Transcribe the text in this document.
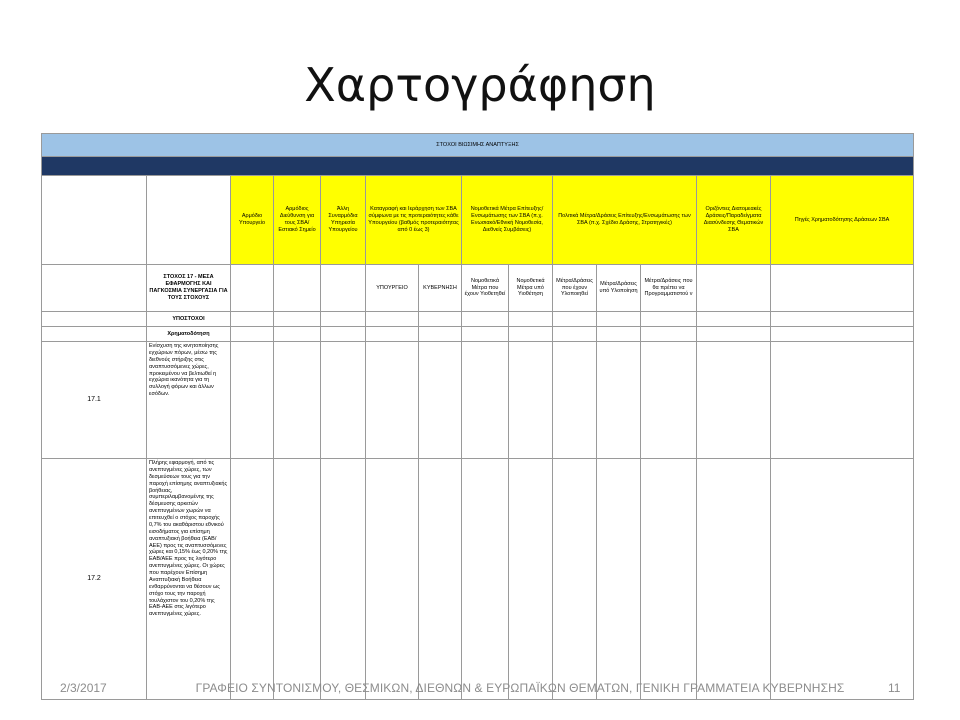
Χαρτογράφηση
ΣΤΟΧΟΙ ΒΙΩΣΙΜΗΣ ΑΝΑΠΤΥΞΗΣ													

		Αρμόδιο Υπουργείο	Αρμόδιος Διεύθυνση για τους ΣΒΑ/Εστιακό Σημείο	Άλλη Συναρμόδια Υπηρεσία Υπουργείου	Καταγραφή και Ιεράρχηση των ΣΒΑ σύμφωνα με τις προτεραιότητες κάθε Υπουργείου (βαθμός προτεραιότητας από 0 έως 3)		Νομοθετικά Μέτρα Επίτευξης/Ενσωμάτωσης των ΣΒΑ (π.χ. Ενωσιακό/Εθνική Νομοθεσία, Διεθνείς Συμβάσεις)		Πολιτικά Μέτρα/Δράσεις Επίτευξης/Ενσωμάτωσης των ΣΒΑ (π.χ. Σχέδιο Δράσης, Στρατηγικές)			Οριζόντιες Διατομεακές Δράσεις/Παραδείγματα Διασύνδεσης Θεματικών ΣΒΑ	Πηγές Χρηματοδότησης Δράσεων ΣΒΑ
	ΣΤΟΧΟΣ 17 - ΜΕΣΑ ΕΦΑΡΜΟΓΗΣ ΚΑΙ ΠΑΓΚΟΣΜΙΑ ΣΥΝΕΡΓΑΣΙΑ ΓΙΑ ΤΟΥΣ ΣΤΟΧΟΥΣ				ΥΠΟΥΡΓΕΙΟ	ΚΥΒΕΡΝΗΣΗ	Νομοθετικά Μέτρα που έχουν Υιοθετηθεί	Νομοθετικά Μέτρα υπό Υιοθέτηση	Μέτρα/Δράσεις που έχουν Υλοποιηθεί	Μέτρα/Δράσεις υπό Υλοποίηση	Μέτρα/Δράσεις που θα πρέπει να Προγραμματιστού ν		
	ΥΠΟΣΤΟΧΟΙ												
	Χρηματοδότηση												
17.1	Ενίσχυση της κινητοποίησης εγχώριων πόρων, μέσω της διεθνούς στήριξης στις αναπτυσσόμενες χώρες, προκειμένου να βελτιωθεί η εγχώρια ικανότητα για τη συλλογή φόρων και άλλων εσόδων.												
17.2	Πλήρης εφαρμογή, από τις ανεπτυγμένες χώρες, των δεσμεύσεων τους για την παροχή επίσημης αναπτυξιακής βοήθειας, συμπεριλαμβανομένης της δέσμευσης αρκετών ανεπτυγμένων χωρών να επιτευχθεί ο στόχος παροχής 0,7% του ακαθάριστου εθνικού εισοδήματος για επίσημη αναπτυξιακή βοήθεια (ΕΑΒ/ΑΕΕ) προς τις αναπτυσσόμενες χώρες και 0,15% έως 0,20% της ΕΑΒ/ΑΕΕ προς τις λιγότερο ανεπτυγμένες χώρες. Οι χώρες που παρέχουν Επίσημη Αναπτυξιακή Βοήθεια ενθαρρύνονται να θέσουν ως στόχο τους την παροχή τουλάχιστον του 0,20% της ΕΑΒ-ΑΕΕ στις λιγότερο ανεπτυγμένες χώρες.												
2/3/2017	ΓΡΑΦΕΙΟ ΣΥΝΤΟΝΙΣΜΟΥ, ΘΕΣΜΙΚΩΝ, ΔΙΕΘΝΩΝ & ΕΥΡΩΠΑΪΚΩΝ ΘΕΜΑΤΩΝ, ΓΕΝΙΚΗ ΓΡΑΜΜΑΤΕΙΑ ΚΥΒΕΡΝΗΣΗΣ	11
